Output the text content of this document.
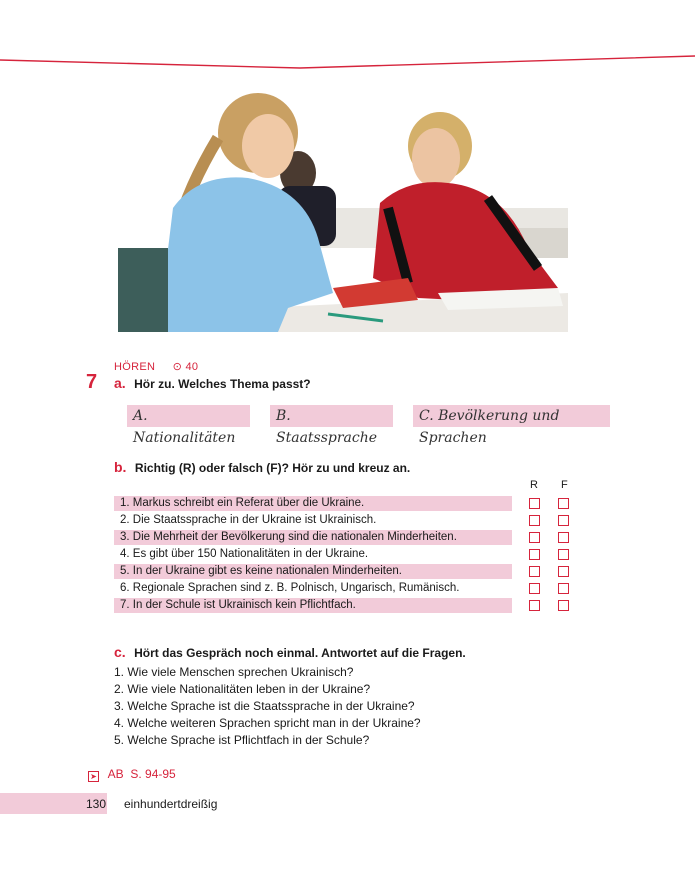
HÖREN ⊙ 40
7 a. Hör zu. Welches Thema passt?
A. Nationalitäten
B. Staatssprache
C. Bevölkerung und Sprachen
b. Richtig (R) oder falsch (F)? Hör zu und kreuz an.
R F
1. Markus schreibt ein Referat über die Ukraine.
2. Die Staatssprache in der Ukraine ist Ukrainisch.
3. Die Mehrheit der Bevölkerung sind die nationalen Minderheiten.
4. Es gibt über 150 Nationalitäten in der Ukraine.
5. In der Ukraine gibt es keine nationalen Minderheiten.
6. Regionale Sprachen sind z. B. Polnisch, Ungarisch, Rumänisch.
7. In der Schule ist Ukrainisch kein Pflichtfach.
c. Hört das Gespräch noch einmal. Antwortet auf die Fragen.
1. Wie viele Menschen sprechen Ukrainisch?
2. Wie viele Nationalitäten leben in der Ukraine?
3. Welche Sprache ist die Staatssprache in der Ukraine?
4. Welche weiteren Sprachen spricht man in der Ukraine?
5. Welche Sprache ist Pflichtfach in der Schule?
➤ AB  S. 94-95
130 einhundertdreißig
